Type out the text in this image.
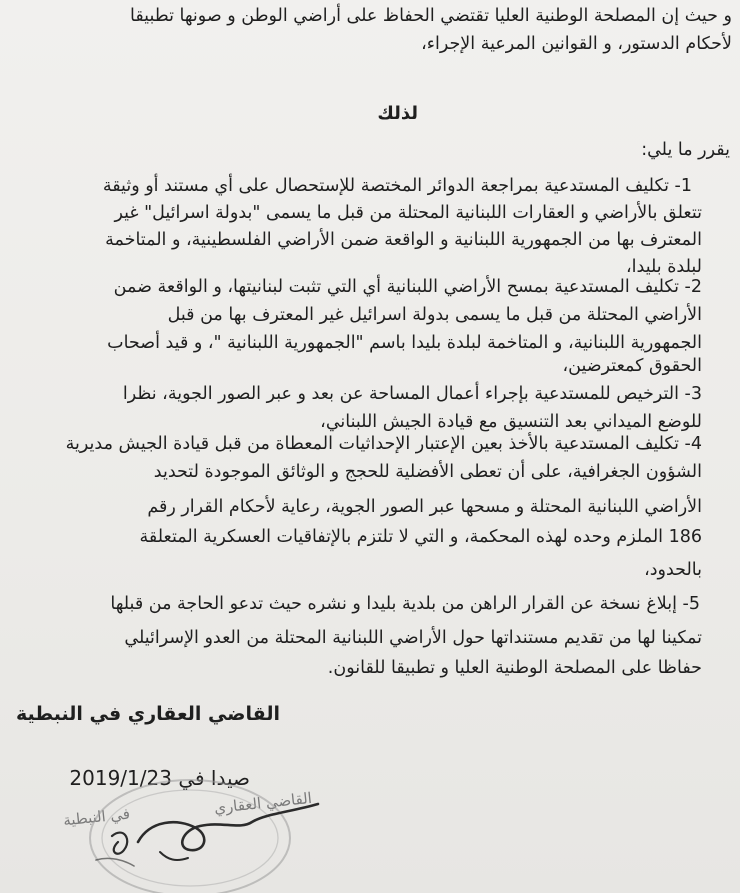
و حيث إن المصلحة الوطنية العليا تقتضي الحفاظ على أراضي الوطن و صونها تطبيقا
لأحكام الدستور، و القوانين المرعية الإجراء،
لذلك
يقرر ما يلي:
1- تكليف المستدعية بمراجعة الدوائر المختصة للإستحصال على أي مستند أو وثيقة
تتعلق بالأراضي و العقارات اللبنانية المحتلة من قبل ما يسمى "بدولة اسرائيل" غير
المعترف بها من الجمهورية اللبنانية و الواقعة ضمن الأراضي الفلسطينية، و المتاخمة
لبلدة بليدا،
2- تكليف المستدعية بمسح الأراضي اللبنانية أي التي تثبت لبنانيتها، و الواقعة ضمن
الأراضي المحتلة من قبل ما يسمى بدولة اسرائيل غير المعترف بها من قبل
الجمهورية اللبنانية، و المتاخمة لبلدة بليدا باسم "الجمهورية اللبنانية "، و قيد أصحاب
الحقوق كمعترضين،
3- الترخيص للمستدعية بإجراء أعمال المساحة عن بعد و عبر الصور الجوية، نظرا
للوضع الميداني بعد التنسيق مع قيادة الجيش اللبناني،
4- تكليف المستدعية بالأخذ بعين الإعتبار الإحداثيات المعطاة من قبل قيادة الجيش مديرية
الشؤون الجغرافية، على أن تعطى الأفضلية للحجج و الوثائق الموجودة لتحديد
الأراضي اللبنانية المحتلة و مسحها عبر الصور الجوية، رعاية لأحكام القرار رقم
186 الملزم وحده لهذه المحكمة، و التي لا تلتزم بالإتفاقيات العسكرية المتعلقة
بالحدود،
5- إبلاغ نسخة عن القرار الراهن من بلدية بليدا و نشره حيث تدعو الحاجة من قبلها
تمكينا لها من تقديم مستنداتها حول الأراضي اللبنانية المحتلة من العدو الإسرائيلي
حفاظا على المصلحة الوطنية العليا و تطبيقا للقانون.
القاضي العقاري في النبطية
صيدا في 2019/1/23
القاضي العقاري
في النبطية
